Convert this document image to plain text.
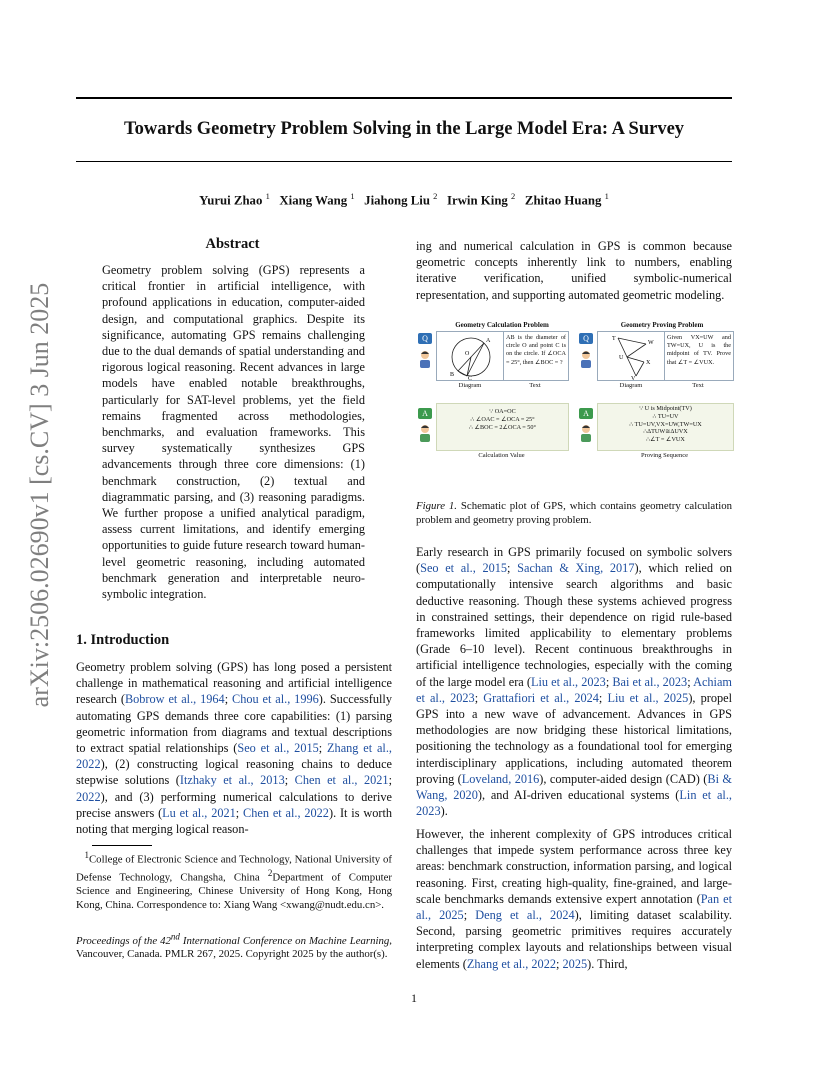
Towards Geometry Problem Solving in the Large Model Era: A Survey
Yurui Zhao $^1$ Xiang Wang $^1$ Jiahong Liu $^2$ Irwin King $^2$ Zhitao Huang $^1$
arXiv:2506.02690v1 [cs.CV] 3 Jun 2025
Abstract

Geometry problem solving (GPS) represents a critical frontier in artificial intelligence, with profound applications in education, computer-aided design, and computational graphics. Despite its significance, automating GPS remains challenging due to the dual demands of spatial understanding and rigorous logical reasoning. Recent advances in large models have enabled notable breakthroughs, particularly for SAT-level problems, yet the field remains fragmented across methodologies, benchmarks, and evaluation frameworks. This survey systematically synthesizes GPS advancements through three core dimensions: (1) benchmark construction, (2) textual and diagrammatic parsing, and (3) reasoning paradigms. We further propose a unified analytical paradigm, assess current limitations, and identify emerging opportunities to guide future research toward human-level geometric reasoning, including automated benchmark generation and interpretable neuro-symbolic integration.

1. Introduction

Geometry problem solving (GPS) has long posed a persistent challenge in mathematical reasoning and artificial intelligence research (Bobrow et al., 1964; Chou et al., 1996). Successfully automating GPS demands three core capabilities: (1) parsing geometric information from diagrams and textual descriptions to extract spatial relationships (Seo et al., 2015; Zhang et al., 2022), (2) constructing logical reasoning chains to deduce stepwise solutions (Itzhaky et al., 2013; Chen et al., 2021; 2022), and (3) performing numerical calculations to derive precise answers (Lu et al., 2021; Chen et al., 2022). It is worth noting that merging logical reason-

$^1$College of Electronic Science and Technology, National University of Defense Technology, Changsha, China $^2$Department of Computer Science and Engineering, Chinese University of Hong Kong, Hong Kong, China. Correspondence to: Xiang Wang <xwang@nudt.edu.cn>.

Proceedings of the 42nd International Conference on Machine Learning, Vancouver, Canada. PMLR 267, 2025. Copyright 2025 by the author(s).

ing and numerical calculation in GPS is common because geometric concepts inherently link to numbers, enabling iterative verification, unified symbolic-numerical representation, and supporting automated geometric modeling.

Geometry Calculation Problem
Q	A
O
B
C
AB is the diameter of circle O and point C is on the circle. If ∠OCA = 25°, then ∠BOC = ?
Diagram	Text
A	∵ OA=OC
∴ ∠OAC = ∠OCA = 25°
∴ ∠BOC = 2∠OCA = 50°
Calculation Value
Geometry Proving Problem
Q	T
W
U
X
V
Given VX=UW and TW=UX, U is the midpoint of TV. Prove that ∠T = ∠VUX.
Diagram	Text
A
∵ U is Midpoint(TV)
∴ TU=UV
∴ TU=UV,VX=UW,TW=UX
∴ΔTUW≅ΔUVX
∴∠T = ∠VUX
Proving Sequence

Figure 1. Schematic plot of GPS, which contains geometry calculation problem and geometry proving problem.

Early research in GPS primarily focused on symbolic solvers (Seo et al., 2015; Sachan & Xing, 2017), which relied on computationally intensive search algorithms and basic deductive reasoning. Though these systems achieved progress in constrained settings, their dependence on rigid rule-based frameworks limited applicability to elementary problems (Grade 6–10 level). Recent continuous breakthroughs in artificial intelligence technologies, especially with the coming of the large model era (Liu et al., 2023; Bai et al., 2023; Achiam et al., 2023; Grattafiori et al., 2024; Liu et al., 2025), propel GPS into a new wave of advancement. Advances in GPS methodologies are now bridging these historical limitations, positioning the technology as a foundational tool for emerging interdisciplinary applications, including automated theorem proving (Loveland, 2016), computer-aided design (CAD) (Bi & Wang, 2020), and AI-driven educational systems (Lin et al., 2023).

However, the inherent complexity of GPS introduces critical challenges that impede system performance across three key areas: benchmark construction, information parsing, and logical reasoning. First, creating high-quality, fine-grained, and large-scale benchmarks demands extensive expert annotation (Pan et al., 2025; Deng et al., 2024), limiting dataset scalability. Second, parsing geometric primitives requires accurately interpreting complex layouts and relationships between visual elements (Zhang et al., 2022; 2025). Third,

1
